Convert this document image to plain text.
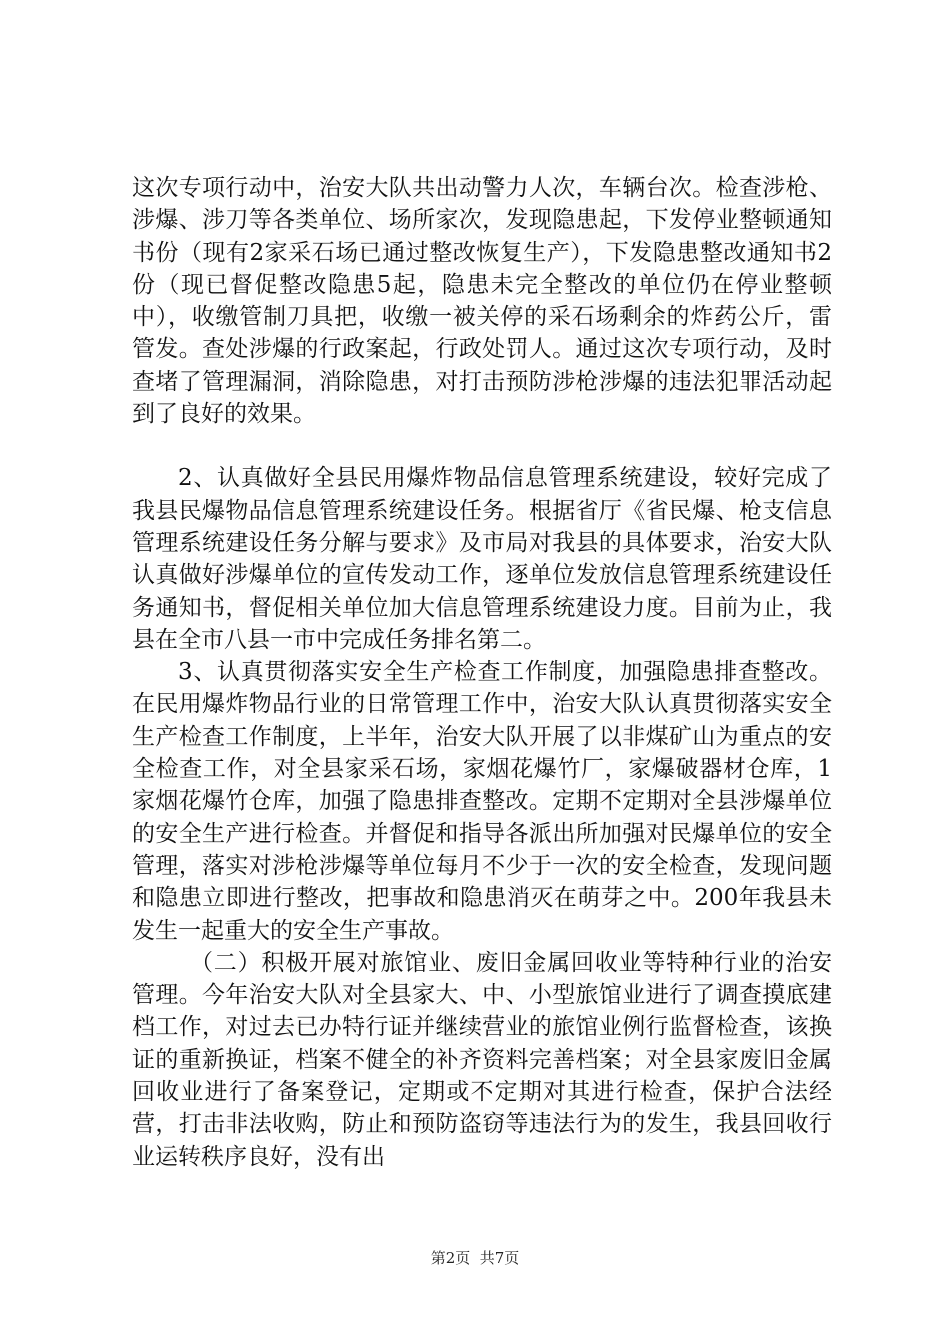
这次专项行动中，治安大队共出动警力人次，车辆台次。检查涉枪、涉爆、涉刀等各类单位、场所家次，发现隐患起，下发停业整顿通知书份（现有2家采石场已通过整改恢复生产），下发隐患整改通知书2份（现已督促整改隐患5起，隐患未完全整改的单位仍在停业整顿中），收缴管制刀具把，收缴一被关停的采石场剩余的炸药公斤，雷管发。查处涉爆的行政案起，行政处罚人。通过这次专项行动，及时查堵了管理漏洞，消除隐患，对打击预防涉枪涉爆的违法犯罪活动起到了良好的效果。

2、认真做好全县民用爆炸物品信息管理系统建设，较好完成了我县民爆物品信息管理系统建设任务。根据省厅《省民爆、枪支信息管理系统建设任务分解与要求》及市局对我县的具体要求，治安大队认真做好涉爆单位的宣传发动工作，逐单位发放信息管理系统建设任务通知书，督促相关单位加大信息管理系统建设力度。目前为止，我县在全市八县一市中完成任务排名第二。

3、认真贯彻落实安全生产检查工作制度，加强隐患排查整改。在民用爆炸物品行业的日常管理工作中，治安大队认真贯彻落实安全生产检查工作制度，上半年，治安大队开展了以非煤矿山为重点的安全检查工作，对全县家采石场，家烟花爆竹厂，家爆破器材仓库，1家烟花爆竹仓库，加强了隐患排查整改。定期不定期对全县涉爆单位的安全生产进行检查。并督促和指导各派出所加强对民爆单位的安全管理，落实对涉枪涉爆等单位每月不少于一次的安全检查，发现问题和隐患立即进行整改，把事故和隐患消灭在萌芽之中。200年我县未发生一起重大的安全生产事故。

（二）积极开展对旅馆业、废旧金属回收业等特种行业的治安管理。今年治安大队对全县家大、中、小型旅馆业进行了调查摸底建档工作，对过去已办特行证并继续营业的旅馆业例行监督检查，该换证的重新换证，档案不健全的补齐资料完善档案；对全县家废旧金属回收业进行了备案登记，定期或不定期对其进行检查，保护合法经营，打击非法收购，防止和预防盗窃等违法行为的发生，我县回收行业运转秩序良好，没有出

第2页  共7页
